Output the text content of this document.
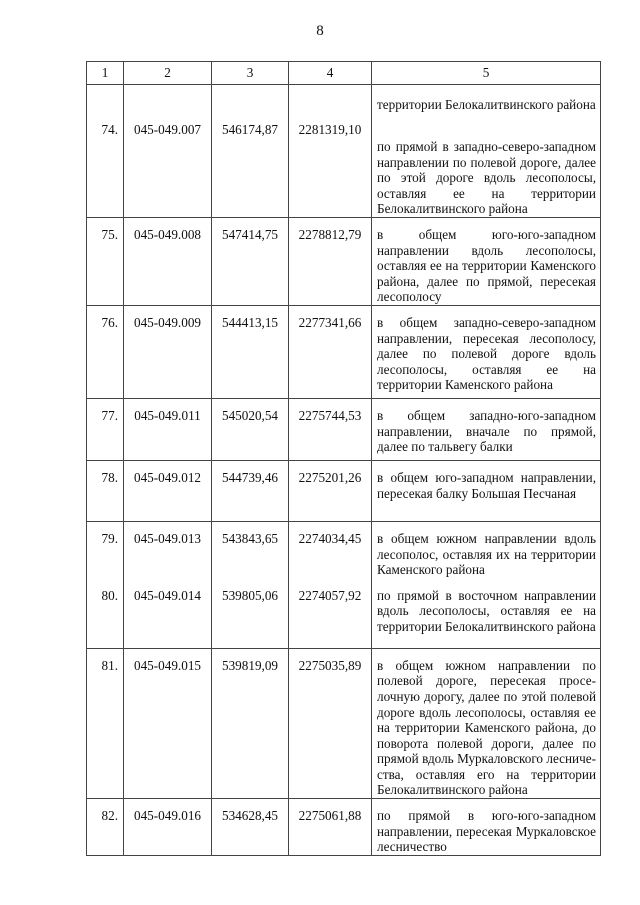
8
1	2	3	4	5
74.	045-049.007	546174,87	2281319,10	территории Белокалитвинского района
по прямой в западно-северо-западном направлении по полевой дороге, далее по этой дороге вдоль лесополосы, оставляя ее на территории Белокалитвинского района

75.	045-049.008	547414,75	2278812,79	в общем юго-юго-западном направлении вдоль лесополосы, оставляя ее на территории Каменского района, далее по прямой, пересекая лесополосу
76.	045-049.009	544413,15	2277341,66	в общем западно-северо-западном направлении, пересекая лесополосу, далее по полевой дороге вдоль лесополосы, оставляя ее на территории Каменского района
77.	045-049.011	545020,54	2275744,53	в общем западно-юго-западном направлении, вначале по прямой, далее по тальвегу балки
78.	045-049.012	544739,46	2275201,26	в общем юго-западном направлении, пересекая балку Большая Песчаная
79.	045-049.013	543843,65	2274034,45	в общем южном направлении вдоль лесополос, оставляя их на территории Каменского района
80.	045-049.014	539805,06	2274057,92	по прямой в восточном направлении вдоль лесополосы, оставляя ее на территории Белокалитвинского района
81.	045-049.015	539819,09	2275035,89	в общем южном направлении по полевой дороге, пересекая проселочную дорогу, далее по этой полевой дороге вдоль лесополосы, оставляя ее на территории Каменского района, до поворота полевой дороги, далее по прямой вдоль Муркаловского лесничества, оставляя его на территории Белокалитвинского района
82.	045-049.016	534628,45	2275061,88	по прямой в юго-юго-западном направлении, пересекая Муркаловское лесничество
